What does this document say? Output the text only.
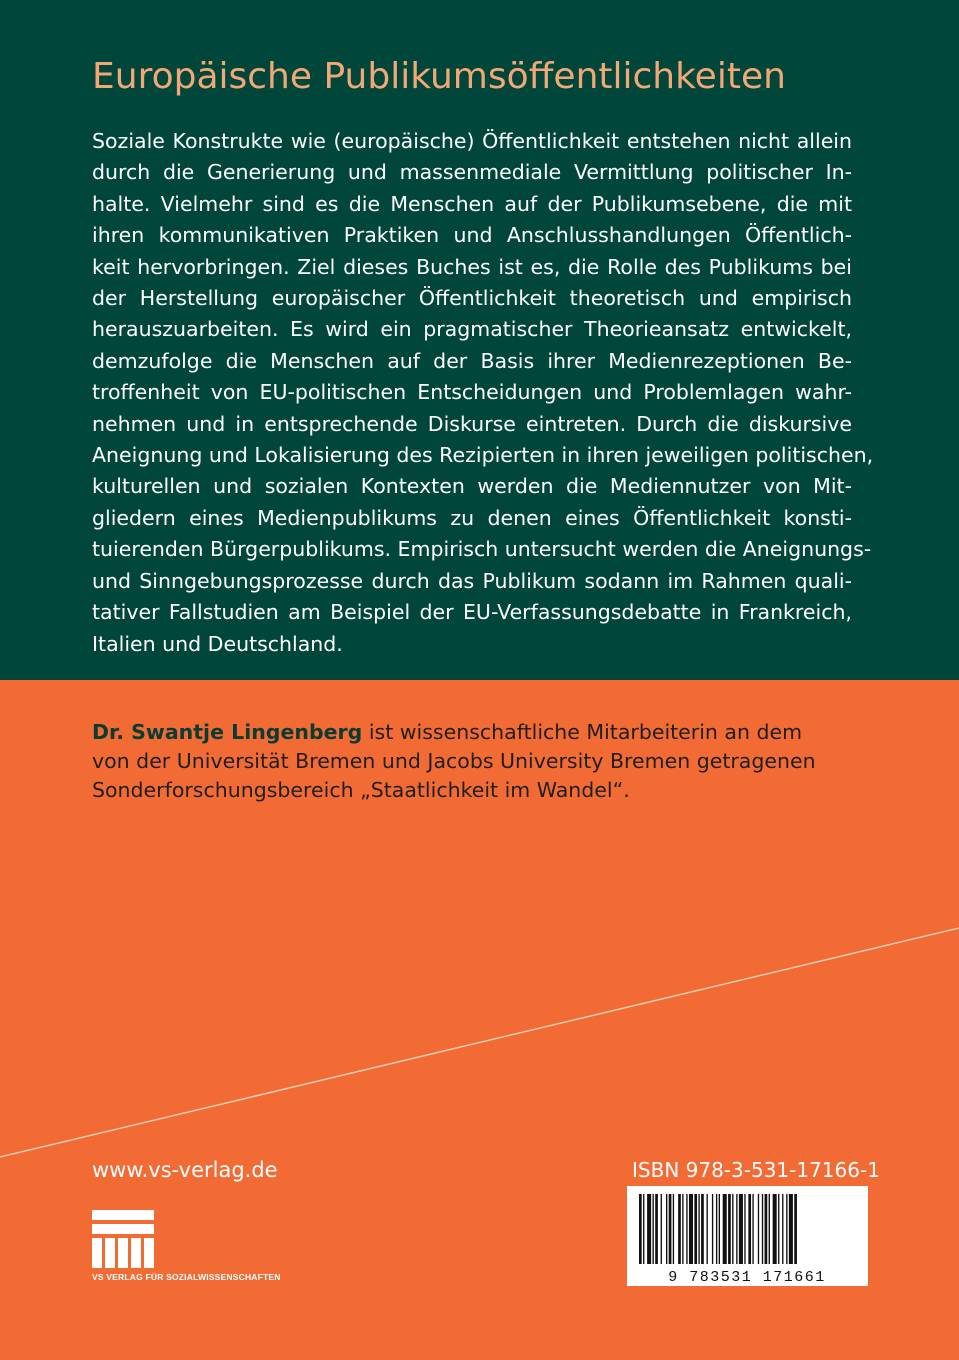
Europäische Publikumsöffentlichkeiten
Soziale Konstrukte wie (europäische) Öffentlichkeit entstehen nicht allein
durch die Generierung und massenmediale Vermittlung politischer In-
halte. Vielmehr sind es die Menschen auf der Publikumsebene, die mit
ihren kommunikativen Praktiken und Anschlusshandlungen Öffentlich-
keit hervorbringen. Ziel dieses Buches ist es, die Rolle des Publikums bei
der Herstellung europäischer Öffentlichkeit theoretisch und empirisch
herauszuarbeiten. Es wird ein pragmatischer Theorieansatz entwickelt,
demzufolge die Menschen auf der Basis ihrer Medienrezeptionen Be-
troffenheit von EU-politischen Entscheidungen und Problemlagen wahr-
nehmen und in entsprechende Diskurse eintreten. Durch die diskursive
Aneignung und Lokalisierung des Rezipierten in ihren jeweiligen politischen,
kulturellen und sozialen Kontexten werden die Mediennutzer von Mit-
gliedern eines Medienpublikums zu denen eines Öffentlichkeit konsti-
tuierenden Bürgerpublikums. Empirisch untersucht werden die Aneignungs-
und Sinngebungsprozesse durch das Publikum sodann im Rahmen quali-
tativer Fallstudien am Beispiel der EU-Verfassungsdebatte in Frankreich,
Italien und Deutschland.
Dr. Swantje Lingenberg ist wissenschaftliche Mitarbeiterin an dem
von der Universität Bremen und Jacobs University Bremen getragenen
Sonderforschungsbereich „Staatlichkeit im Wandel“.
www.vs-verlag.de
VS VERLAG FÜR SOZIALWISSENSCHAFTEN
ISBN 978-3-531-17166-1
9 783531 171661
